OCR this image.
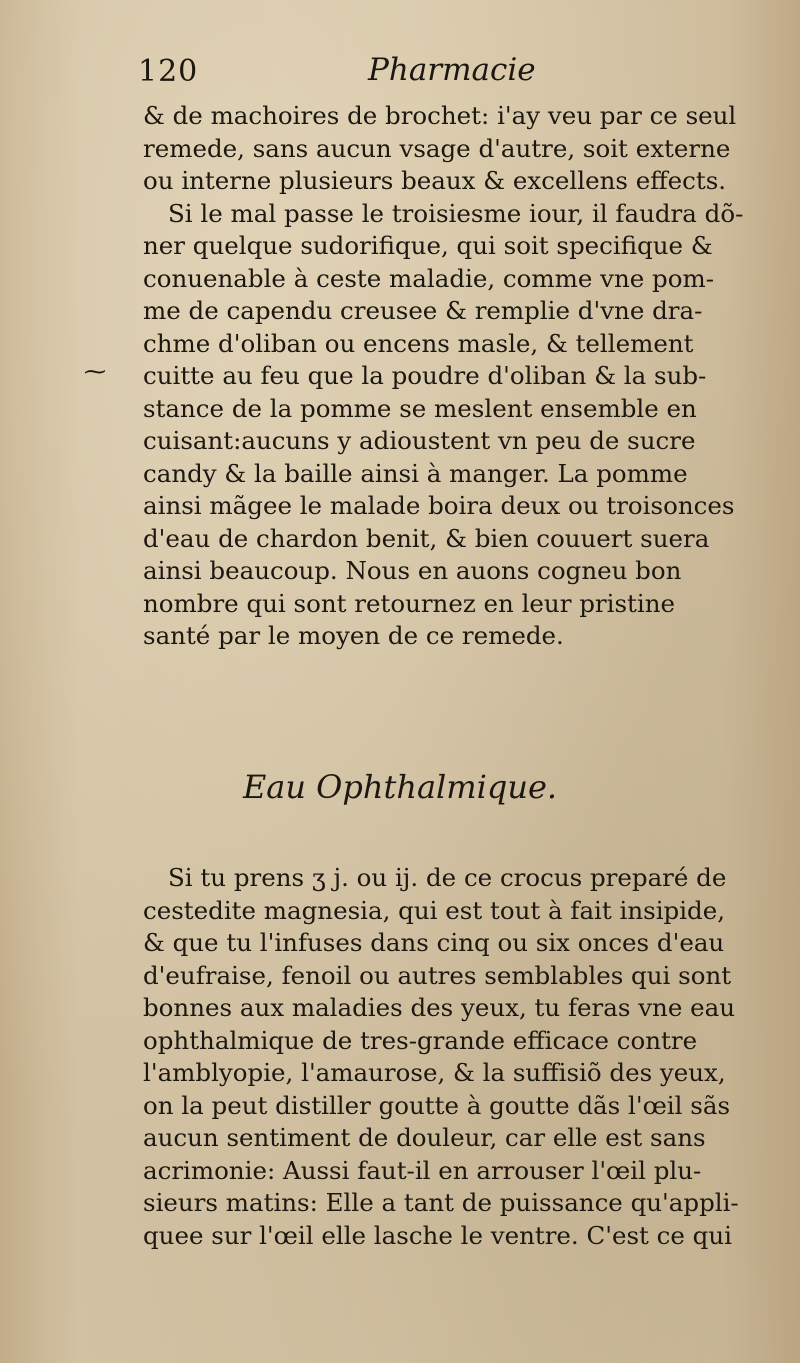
120	Pharmacie
⁓
& de machoires de brochet: i'ay veu par ce seul
remede, sans aucun vsage d'autre, soit externe
ou interne plusieurs beaux & excellens effects.
Si le mal passe le troisiesme iour, il faudra dõ-
ner quelque sudorifique, qui soit specifique &
conuenable à ceste maladie, comme vne pom-
me de capendu creusee & remplie d'vne dra-
chme d'oliban ou encens masle, & tellement
cuitte au feu que la poudre d'oliban & la sub-
stance de la pomme se meslent ensemble en
cuisant:aucuns y adioustent vn peu de sucre
candy & la baille ainsi à manger. La pomme
ainsi mãgee le malade boira deux ou troisonces
d'eau de chardon benit, & bien couuert suera
ainsi beaucoup. Nous en auons cogneu bon
nombre qui sont retournez en leur pristine
santé par le moyen de ce remede.
Eau Ophthalmique.
Si tu prens ʒ j. ou ij. de ce crocus preparé de
cestedite magnesia, qui est tout à fait insipide,
& que tu l'infuses dans cinq ou six onces d'eau
d'eufraise, fenoil ou autres semblables qui sont
bonnes aux maladies des yeux, tu feras vne eau
ophthalmique de tres-grande efficace contre
l'amblyopie, l'amaurose, & la suffisiõ des yeux,
on la peut distiller goutte à goutte dãs l'œil sãs
aucun sentiment de douleur, car elle est sans
acrimonie: Aussi faut-il en arrouser l'œil plu-
sieurs matins: Elle a tant de puissance qu'appli-
quee sur l'œil elle lasche le ventre. C'est ce qui
